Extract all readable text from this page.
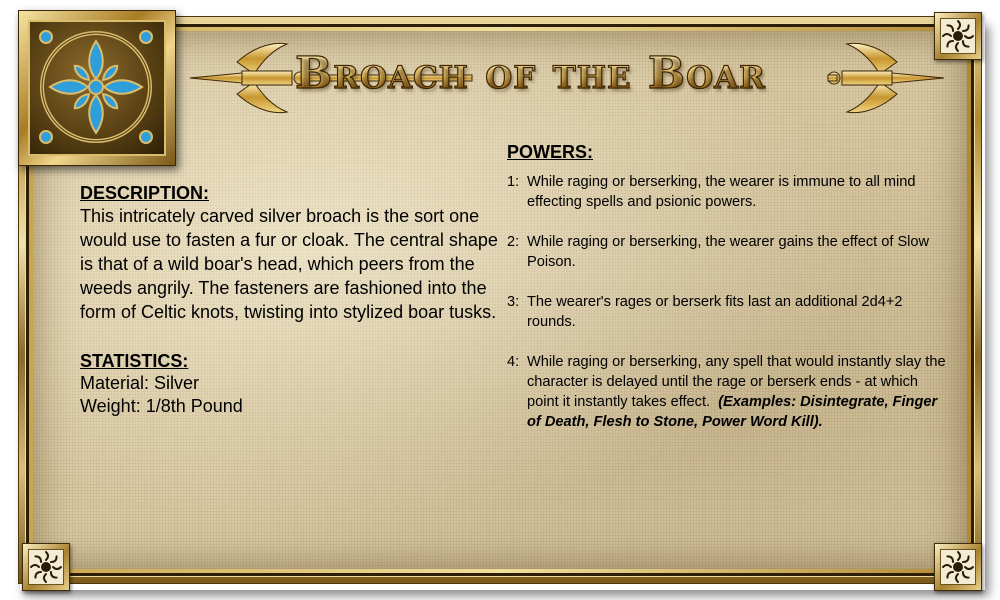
Broach of the Boar
DESCRIPTION:

This intricately carved silver broach is the sort one would use to fasten a fur or cloak. The central shape is that of a wild boar's head, which peers from the weeds angrily. The fasteners are fashioned into the form of Celtic knots, twisting into stylized boar tusks.

STATISTICS:
Material: Silver
Weight: 1/8th Pound
POWERS:
1: While raging or berserking, the wearer is immune to all mind effecting spells and psionic powers.
2: While raging or berserking, the wearer gains the effect of Slow Poison.
3: The wearer's rages or berserk fits last an additional 2d4+2 rounds.
4: While raging or berserking, any spell that would instantly slay the character is delayed until the rage or berserk ends - at which point it instantly takes effect. (Examples: Disintegrate, Finger of Death, Flesh to Stone, Power Word Kill).
